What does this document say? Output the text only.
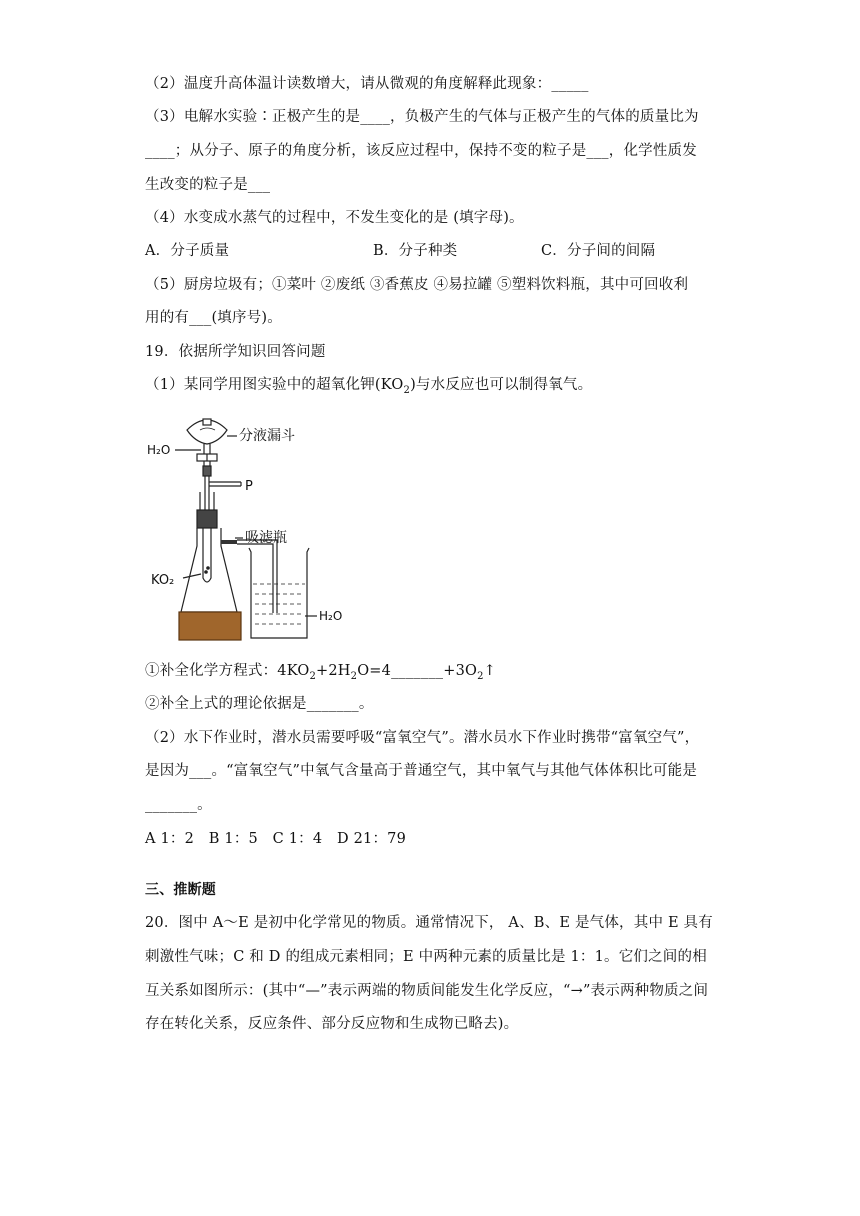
（2）温度升高体温计读数增大，请从微观的角度解释此现象：_____
（3）电解水实验∶正极产生的是____，负极产生的气体与正极产生的气体的质量比为
____；从分子、原子的角度分析，该反应过程中，保持不变的粒子是___，化学性质发
生改变的粒子是___
（4）水变成水蒸气的过程中，不发生变化的是 (填字母)。
A．分子质量	B．分子种类	C．分子间的间隔
（5）厨房垃圾有；①菜叶 ②废纸 ③香蕉皮 ④易拉罐 ⑤塑料饮料瓶，其中可回收利
用的有___(填序号)。
19．依据所学知识回答问题
（1）某同学用图实验中的超氧化钾$(KO_2)$与水反应也可以制得氧气。
分液漏斗
H₂O
P
吸滤瓶
KO₂
H₂O
①补全化学方程式：$4KO_2+2H_2O=4\_\_\_\_\_\_\_+3O_2↑$
②补全上式的理论依据是_______。
（2）水下作业时，潜水员需要呼吸“富氧空气”。潜水员水下作业时携带“富氧空气”，
是因为___。“富氧空气”中氧气含量高于普通空气，其中氧气与其他气体体积比可能是
_______。
A 1：2　B 1：5　C 1：4　D 21：79
三、推断题
20．图中 A～E 是初中化学常见的物质。通常情况下， A、B、E 是气体，其中 E 具有
刺激性气味；C 和 D 的组成元素相同；E 中两种元素的质量比是 1：1。它们之间的相
互关系如图所示：(其中“—”表示两端的物质间能发生化学反应，“→”表示两种物质之间
存在转化关系，反应条件、部分反应物和生成物已略去)。
